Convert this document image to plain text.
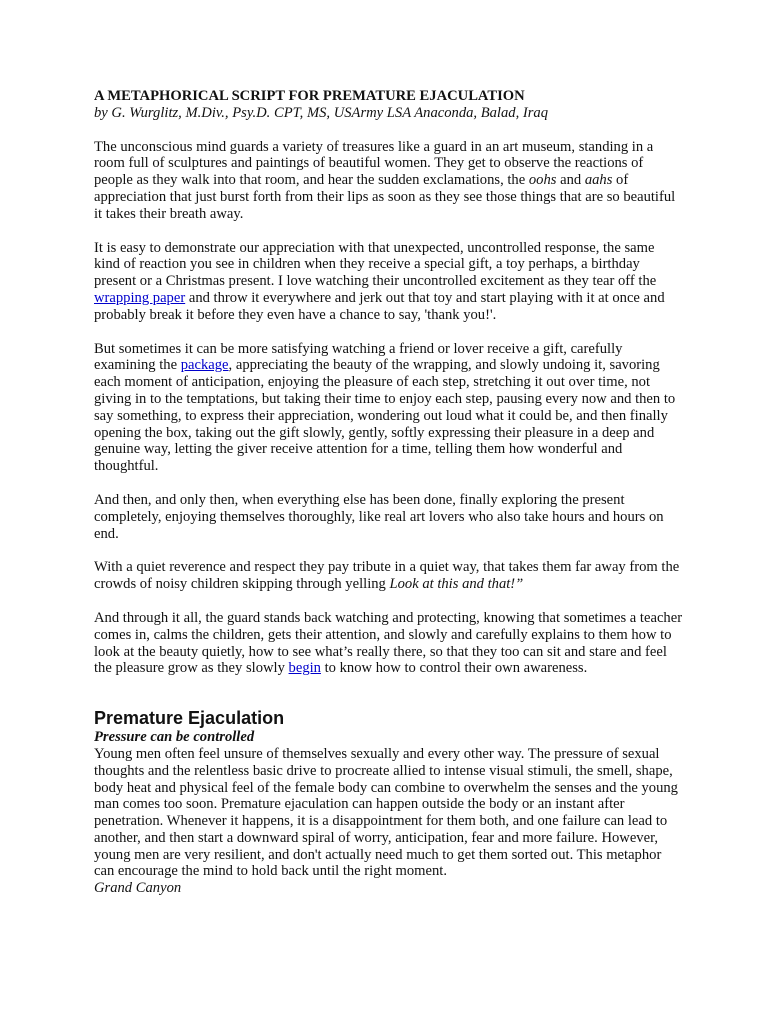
A METAPHORICAL SCRIPT FOR PREMATURE EJACULATION

by G. Wurglitz, M.Div., Psy.D. CPT, MS, USArmy LSA Anaconda, Balad, Iraq

The unconscious mind guards a variety of treasures like a guard in an art museum, standing in a room full of sculptures and paintings of beautiful women. They get to observe the reactions of people as they walk into that room, and hear the sudden exclamations, the oohs and aahs of appreciation that just burst forth from their lips as soon as they see those things that are so beautiful it takes their breath away.

It is easy to demonstrate our appreciation with that unexpected, uncontrolled response, the same kind of reaction you see in children when they receive a special gift, a toy perhaps, a birthday present or a Christmas present. I love watching their uncontrolled excitement as they tear off the wrapping paper and throw it everywhere and jerk out that toy and start playing with it at once and probably break it before they even have a chance to say, 'thank you!'.

But sometimes it can be more satisfying watching a friend or lover receive a gift, carefully examining the package, appreciating the beauty of the wrapping, and slowly undoing it, savoring each moment of anticipation, enjoying the pleasure of each step, stretching it out over time, not giving in to the temptations, but taking their time to enjoy each step, pausing every now and then to say something, to express their appreciation, wondering out loud what it could be, and then finally opening the box, taking out the gift slowly, gently, softly expressing their pleasure in a deep and genuine way, letting the giver receive attention for a time, telling them how wonderful and thoughtful.

And then, and only then, when everything else has been done, finally exploring the present completely, enjoying themselves thoroughly, like real art lovers who also take hours and hours on end.

With a quiet reverence and respect they pay tribute in a quiet way, that takes them far away from the crowds of noisy children skipping through yelling Look at this and that!”

And through it all, the guard stands back watching and protecting, knowing that sometimes a teacher comes in, calms the children, gets their attention, and slowly and carefully explains to them how to look at the beauty quietly, how to see what’s really there, so that they too can sit and stare and feel the pleasure grow as they slowly begin to know how to control their own awareness.

Premature Ejaculation

Pressure can be controlled

Young men often feel unsure of themselves sexually and every other way. The pressure of sexual thoughts and the relentless basic drive to procreate allied to intense visual stimuli, the smell, shape, body heat and physical feel of the female body can combine to overwhelm the senses and the young man comes too soon. Premature ejaculation can happen outside the body or an instant after penetration. Whenever it happens, it is a disappointment for them both, and one failure can lead to another, and then start a downward spiral of worry, anticipation, fear and more failure. However, young men are very resilient, and don't actually need much to get them sorted out. This metaphor can encourage the mind to hold back until the right moment.

Grand Canyon
